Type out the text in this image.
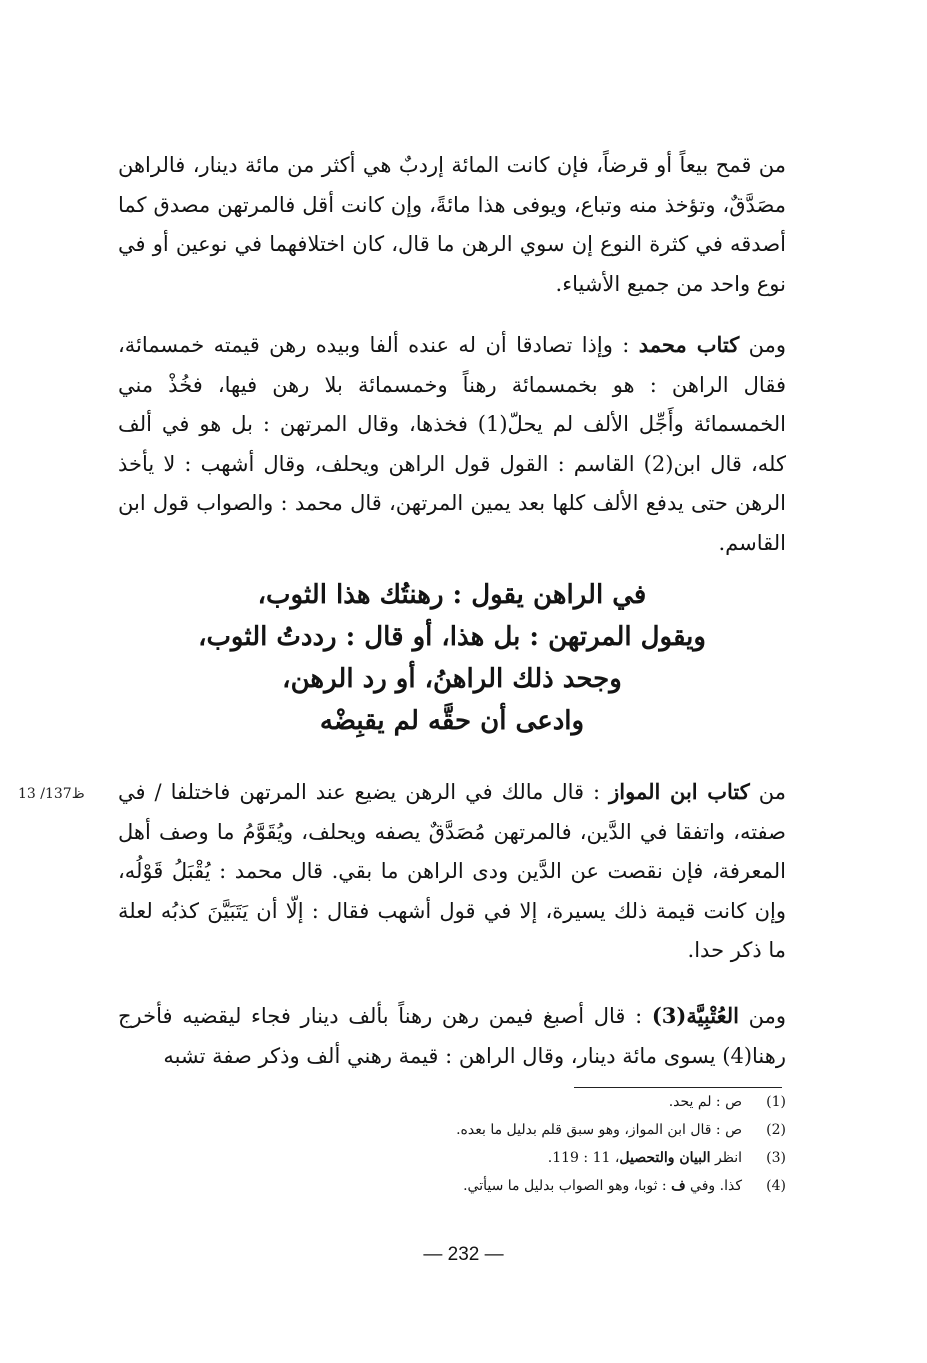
من قمح بيعاً أو قرضاً، فإن كانت المائة إردبٌ هي أكثر من مائة دينار، فالراهن مصَدَّقٌ، وتؤخذ منه وتباع، ويوفى هذا مائةً، وإن كانت أقل فالمرتهن مصدق كما أصدقه في كثرة النوع إن سوي الرهن ما قال، كان اختلافهما في نوعين أو في نوع واحد من جميع الأشياء.

ومن كتاب محمد : وإذا تصادقا أن له عنده ألفا وبيده رهن قيمته خمسمائة، فقال الراهن : هو بخمسمائة رهناً وخمسمائة بلا رهن فيها، فخُذْ مني الخمسمائة وأَجِّل الألف لم يحلّ(1) فخذها، وقال المرتهن : بل هو في ألف كله، قال ابن(2) القاسم : القول قول الراهن ويحلف، وقال أشهب : لا يأخذ الرهن حتى يدفع الألف كلها بعد يمين المرتهن، قال محمد : والصواب قول ابن القاسم.

في الراهن يقول : رهنتُك هذا الثوب،
ويقول المرتهن : بل هذا، أو قال : رددتُ الثوب،
وجحد ذلك الراهنُ، أو رد الرهن،
وادعى أن حقَّه لم يقبِضْه
13 /137ظ	من كتاب ابن المواز : قال مالك في الرهن يضيع عند المرتهن فاختلفا / في صفته، واتفقا في الدَّين، فالمرتهن مُصَدَّقٌ يصفه ويحلف، ويُقَوَّمُ ما وصف أهل المعرفة، فإن نقصت عن الدَّين ودى الراهن ما بقي. قال محمد : يُقْبَلُ قَوْلُه، وإن كانت قيمة ذلك يسيرة، إلا في قول أشهب فقال : إلّا أن يَتَبَيَّنَ كذبُه لعلة ما ذكر حدا.

ومن العُتْبِيَّة(3) : قال أصبغ فيمن رهن رهناً بألف دينار فجاء ليقضيه فأخرج رهنا(4) يسوى مائة دينار، وقال الراهن : قيمة رهني ألف وذكر صفة تشبه

(1)
ص : لم يحد.
(2)
ص : قال ابن المواز، وهو سبق قلم بدليل ما بعده.
(3)
انظر البيان والتحصيل، 11 : 119.
(4)
كذا. وفي ف : ثوبا، وهو الصواب بدليل ما سيأتي.
— 232 —
